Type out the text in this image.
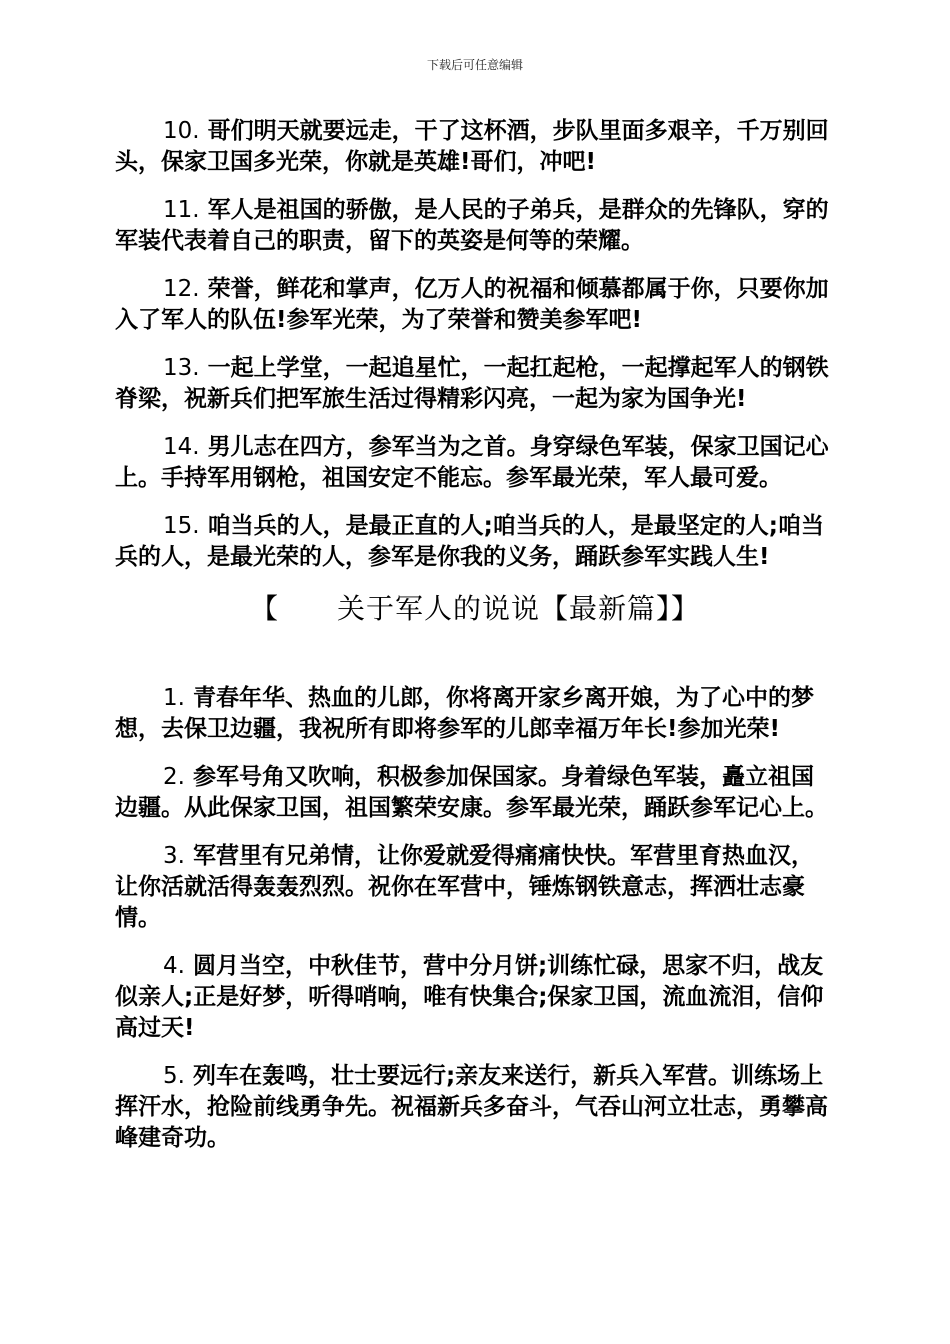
下载后可任意编辑

10. 哥们明天就要远走，干了这杯酒，步队里面多艰辛，千万别回头，保家卫国多光荣，你就是英雄!哥们，冲吧!

11. 军人是祖国的骄傲，是人民的子弟兵，是群众的先锋队，穿的军装代表着自己的职责，留下的英姿是何等的荣耀。

12. 荣誉，鲜花和掌声，亿万人的祝福和倾慕都属于你，只要你加入了军人的队伍!参军光荣，为了荣誉和赞美参军吧!

13. 一起上学堂，一起追星忙，一起扛起枪，一起撑起军人的钢铁脊梁，祝新兵们把军旅生活过得精彩闪亮，一起为家为国争光!

14. 男儿志在四方，参军当为之首。身穿绿色军装，保家卫国记心上。手持军用钢枪，祖国安定不能忘。参军最光荣，军人最可爱。

15. 咱当兵的人，是最正直的人;咱当兵的人，是最坚定的人;咱当兵的人，是最光荣的人，参军是你我的义务，踊跃参军实践人生!

【 关于军人的说说【最新篇】】

1. 青春年华、热血的儿郎，你将离开家乡离开娘，为了心中的梦想，去保卫边疆，我祝所有即将参军的儿郎幸福万年长!参加光荣!

2. 参军号角又吹响，积极参加保国家。身着绿色军装，矗立祖国边疆。从此保家卫国，祖国繁荣安康。参军最光荣，踊跃参军记心上。

3. 军营里有兄弟情，让你爱就爱得痛痛快快。军营里育热血汉，让你活就活得轰轰烈烈。祝你在军营中，锤炼钢铁意志，挥洒壮志豪情。

4. 圆月当空，中秋佳节，营中分月饼;训练忙碌，思家不归，战友似亲人;正是好梦，听得哨响，唯有快集合;保家卫国，流血流泪，信仰高过天!

5. 列车在轰鸣，壮士要远行;亲友来送行，新兵入军营。训练场上挥汗水，抢险前线勇争先。祝福新兵多奋斗，气吞山河立壮志，勇攀高峰建奇功。
